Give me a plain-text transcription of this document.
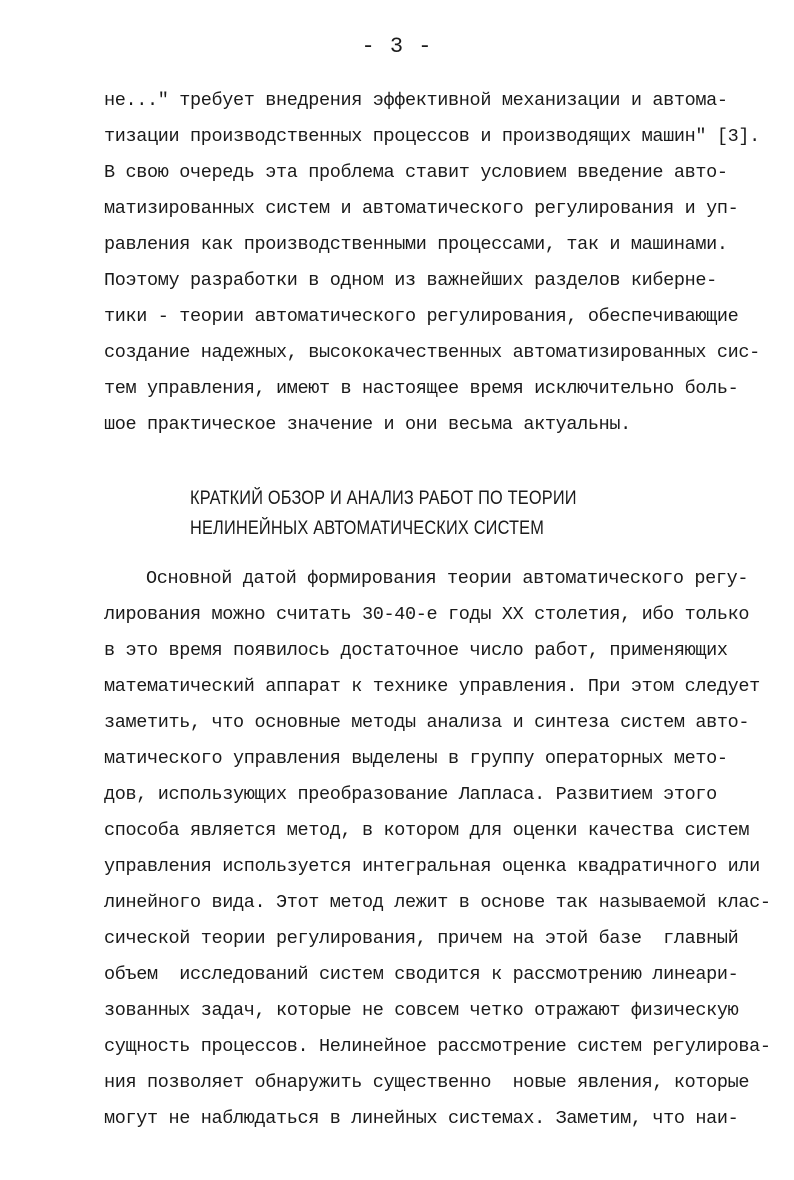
- 3 -
не..." требует внедрения эффективной механизации и автома-
тизации производственных процессов и производящих машин" [3].
В свою очередь эта проблема ставит условием введение авто-
матизированных систем и автоматического регулирования и уп-
равления как производственными процессами, так и машинами.
Поэтому разработки в одном из важнейших разделов киберне-
тики - теории автоматического регулирования, обеспечивающие
создание надежных, высококачественных автоматизированных сис-
тем управления, имеют в настоящее время исключительно боль-
шое практическое значение и они весьма актуальны.
КРАТКИЙ ОБЗОР И АНАЛИЗ РАБОТ ПО ТЕОРИИ
НЕЛИНЕЙНЫХ АВТОМАТИЧЕСКИХ СИСТЕМ
Основной датой формирования теории автоматического регу-
лирования можно считать 30-40-е годы XX столетия, ибо только
в это время появилось достаточное число работ, применяющих
математический аппарат к технике управления. При этом следует
заметить, что основные методы анализа и синтеза систем авто-
матического управления выделены в группу операторных мето-
дов, использующих преобразование Лапласа. Развитием этого
способа является метод, в котором для оценки качества систем
управления используется интегральная оценка квадратичного или
линейного вида. Этот метод лежит в основе так называемой клас-
сической теории регулирования, причем на этой базе  главный
объем  исследований систем сводится к рассмотрению линеари-
зованных задач, которые не совсем четко отражают физическую
сущность процессов. Нелинейное рассмотрение систем регулирова-
ния позволяет обнаружить существенно  новые явления, которые
могут не наблюдаться в линейных системах. Заметим, что наи-
